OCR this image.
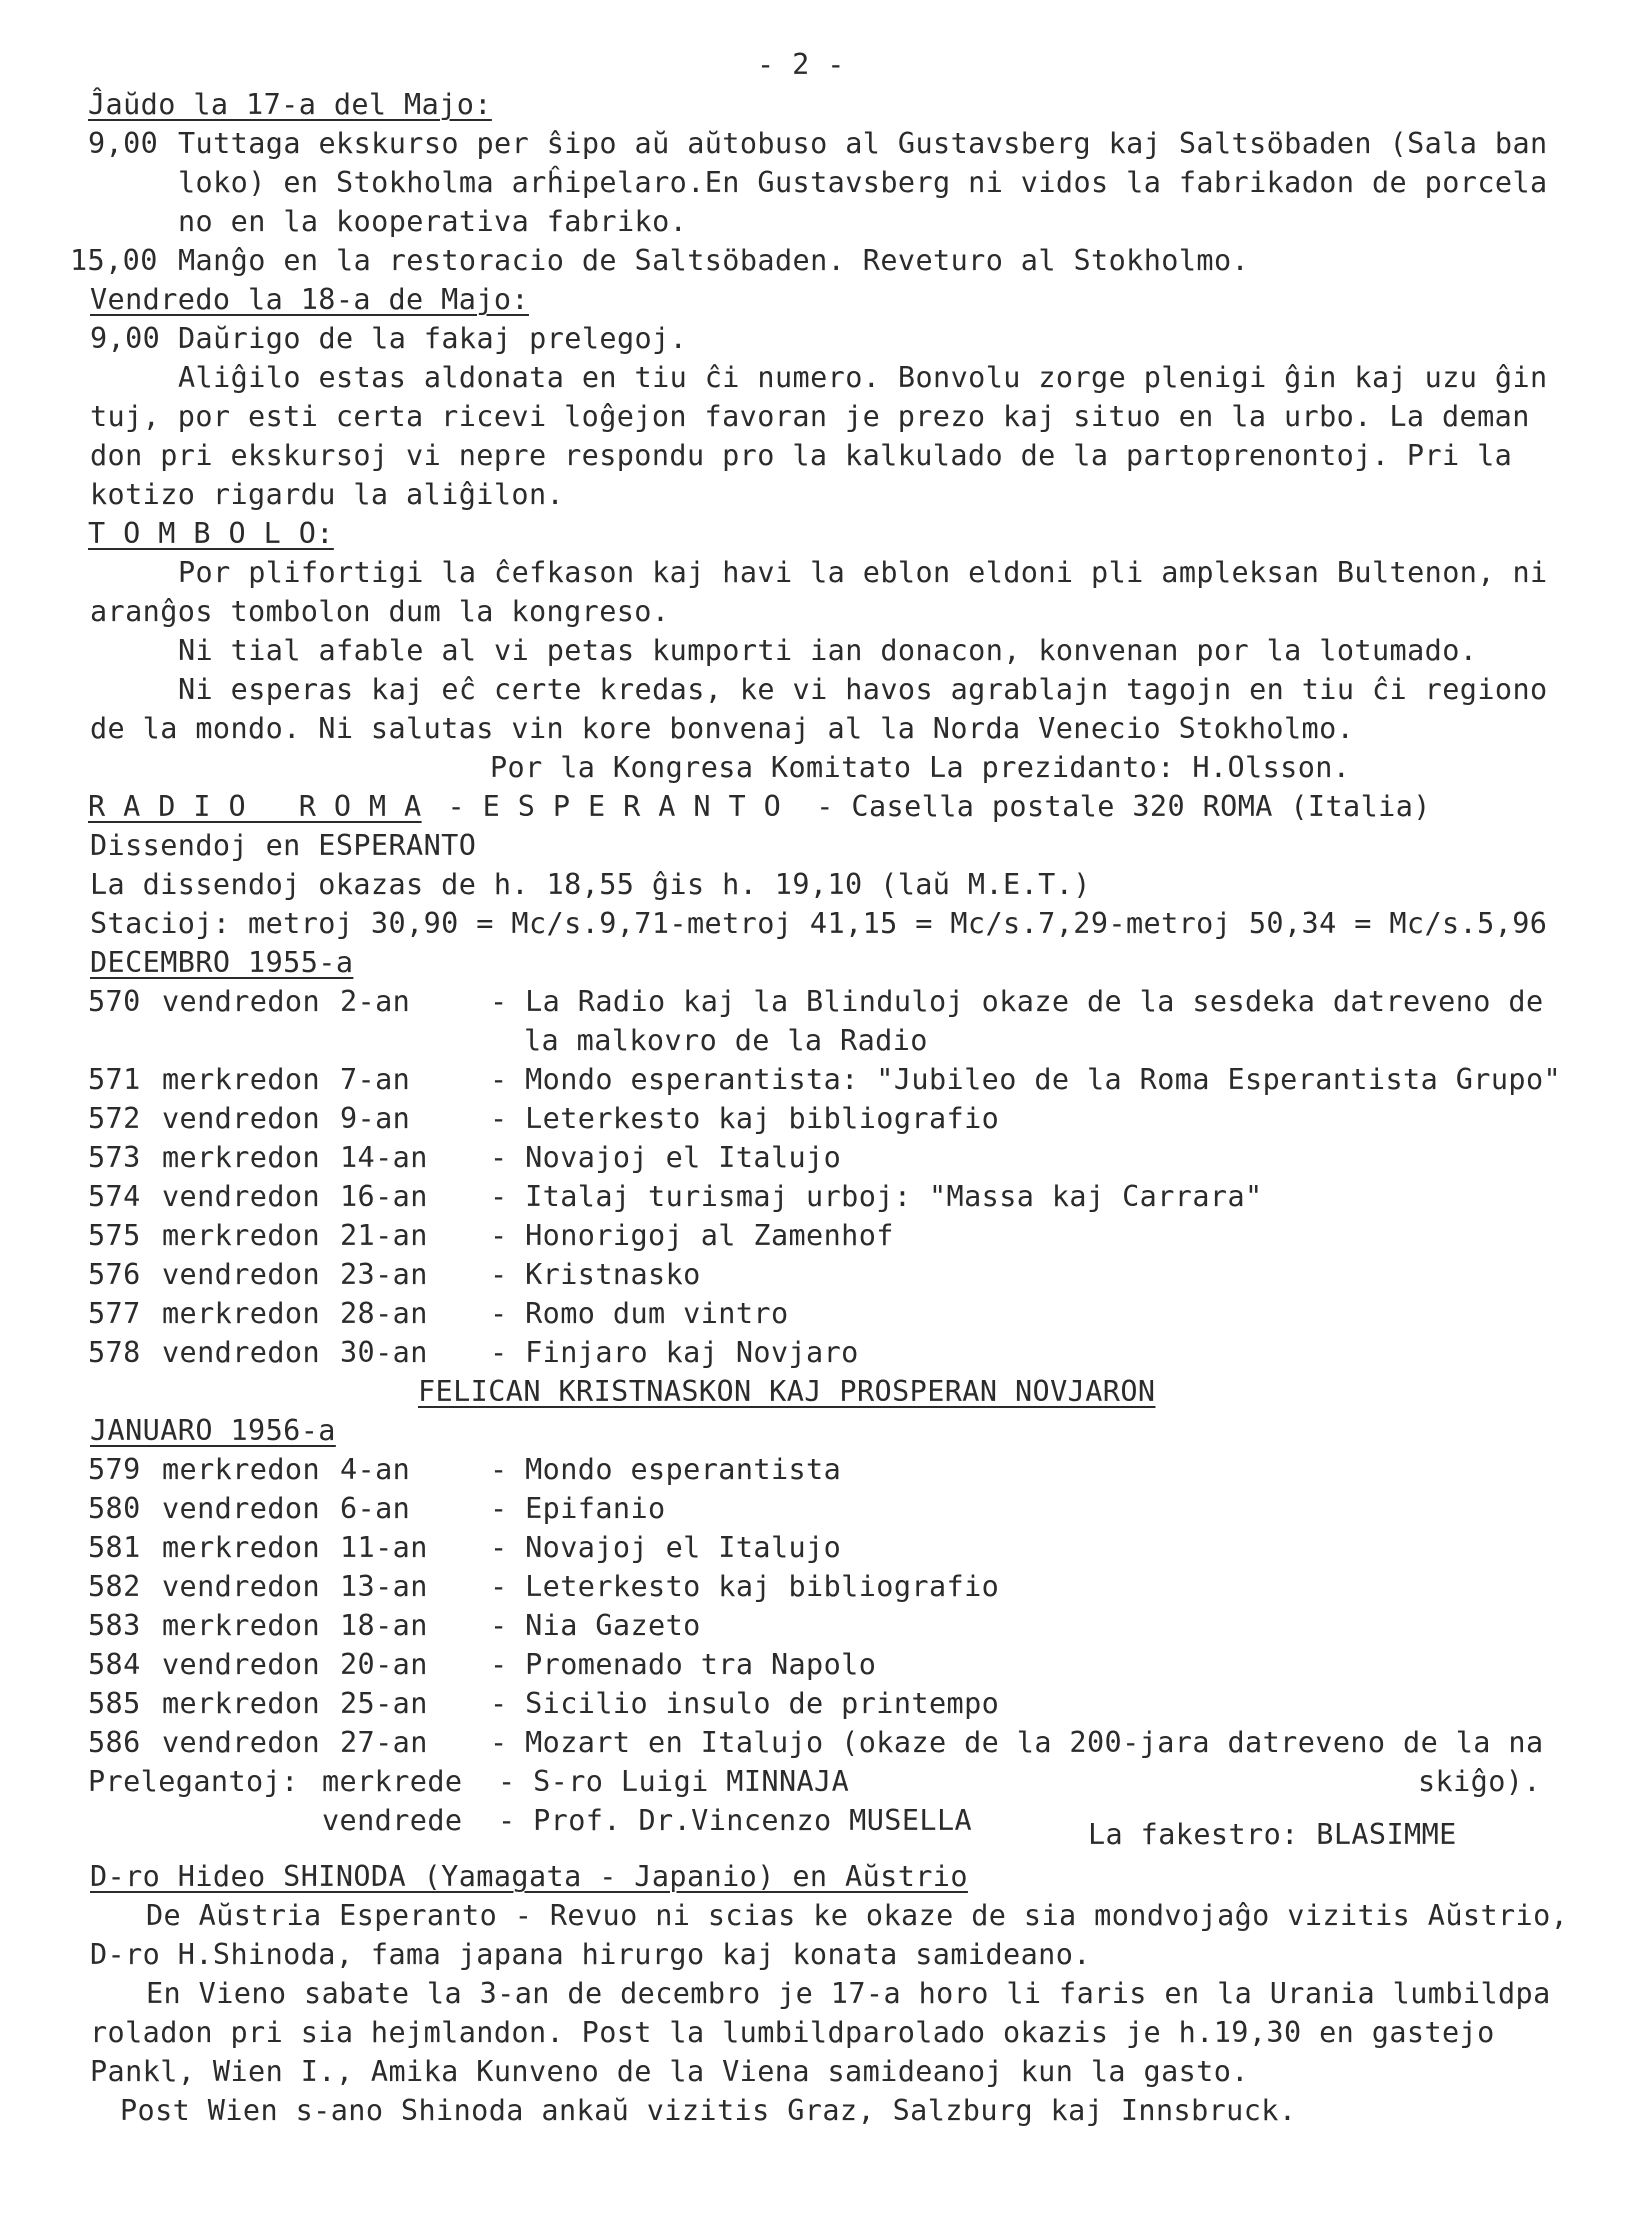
- 2 -
Ĵaŭdo la 17-a del Majo:
9,00 Tuttaga ekskurso per ŝipo aŭ aŭtobuso al Gustavsberg kaj Saltsöbaden (Sala ban
loko) en Stokholma arĥipelaro.En Gustavsberg ni vidos la fabrikadon de porcela
no en la kooperativa fabriko.
15,00 Manĝo en la restoracio de Saltsöbaden. Reveturo al Stokholmo.
Vendredo la 18-a de Majo:
9,00 Daŭrigo de la fakaj prelegoj.
Aliĝilo estas aldonata en tiu ĉi numero. Bonvolu zorge plenigi ĝin kaj uzu ĝin
tuj, por esti certa ricevi loĝejon favoran je prezo kaj situo en la urbo. La deman
don pri ekskursoj vi nepre respondu pro la kalkulado de la partoprenontoj. Pri la
kotizo rigardu la aliĝilon.
T O M B O L O:
Por plifortigi la ĉefkason kaj havi la eblon eldoni pli ampleksan Bultenon, ni
aranĝos tombolon dum la kongreso.
Ni tial afable al vi petas kumporti ian donacon, konvenan por la lotumado.
Ni esperas kaj eĉ certe kredas, ke vi havos agrablajn tagojn en tiu ĉi regiono
de la mondo. Ni salutas vin kore bonvenaj al la Norda Venecio Stokholmo.
Por la Kongresa Komitato La prezidanto: H.Olsson.
R A D I O   R O M A - E S P E R A N T O  - Casella postale 320 ROMA (Italia)
Dissendoj en ESPERANTO
La dissendoj okazas de h. 18,55 ĝis h. 19,10 (laŭ M.E.T.)
Stacioj: metroj 30,90 = Mc/s.9,71-metroj 41,15 = Mc/s.7,29-metroj 50,34 = Mc/s.5,96
DECEMBRO 1955-a
570 vendredon 2-an	- La Radio kaj la Blinduloj okaze de la sesdeka datreveno de
la malkovro de la Radio
571 merkredon 7-an	- Mondo esperantista: "Jubileo de la Roma Esperantista Grupo"
572 vendredon 9-an	- Leterkesto kaj bibliografio
573 merkredon 14-an - Novajoj el Italujo
574 vendredon 16-an - Italaj turismaj urboj: "Massa kaj Carrara"
575 merkredon 21-an - Honorigoj al Zamenhof
576 vendredon 23-an - Kristnasko
577 merkredon 28-an - Romo dum vintro
578 vendredon 30-an - Finjaro kaj Novjaro
FELICAN KRISTNASKON KAJ PROSPERAN NOVJARON
JANUARO 1956-a
579 merkredon 4-an	- Mondo esperantista
580 vendredon 6-an	- Epifanio
581 merkredon 11-an - Novajoj el Italujo
582 vendredon 13-an - Leterkesto kaj bibliografio
583 merkredon 18-an - Nia Gazeto
584 vendredon 20-an - Promenado tra Napolo
585 merkredon 25-an - Sicilio insulo de printempo
586 vendredon 27-an - Mozart en Italujo (okaze de la 200-jara datreveno de la na
Prelegantoj: merkrede - S-ro Luigi MINNAJA	skiĝo).
vendrede - Prof. Dr.Vincenzo MUSELLA	La fakestro: BLASIMME
D-ro Hideo SHINODA (Yamagata - Japanio) en Aŭstrio
De Aŭstria Esperanto - Revuo ni scias ke okaze de sia mondvojaĝo vizitis Aŭstrio,
D-ro H.Shinoda, fama japana hirurgo kaj konata samideano.
En Vieno sabate la 3-an de decembro je 17-a horo li faris en la Urania lumbildpa
roladon pri sia hejmlandon. Post la lumbildparolado okazis je h.19,30 en gastejo
Pankl, Wien I., Amika Kunveno de la Viena samideanoj kun la gasto.
Post Wien s-ano Shinoda ankaŭ vizitis Graz, Salzburg kaj Innsbruck.
